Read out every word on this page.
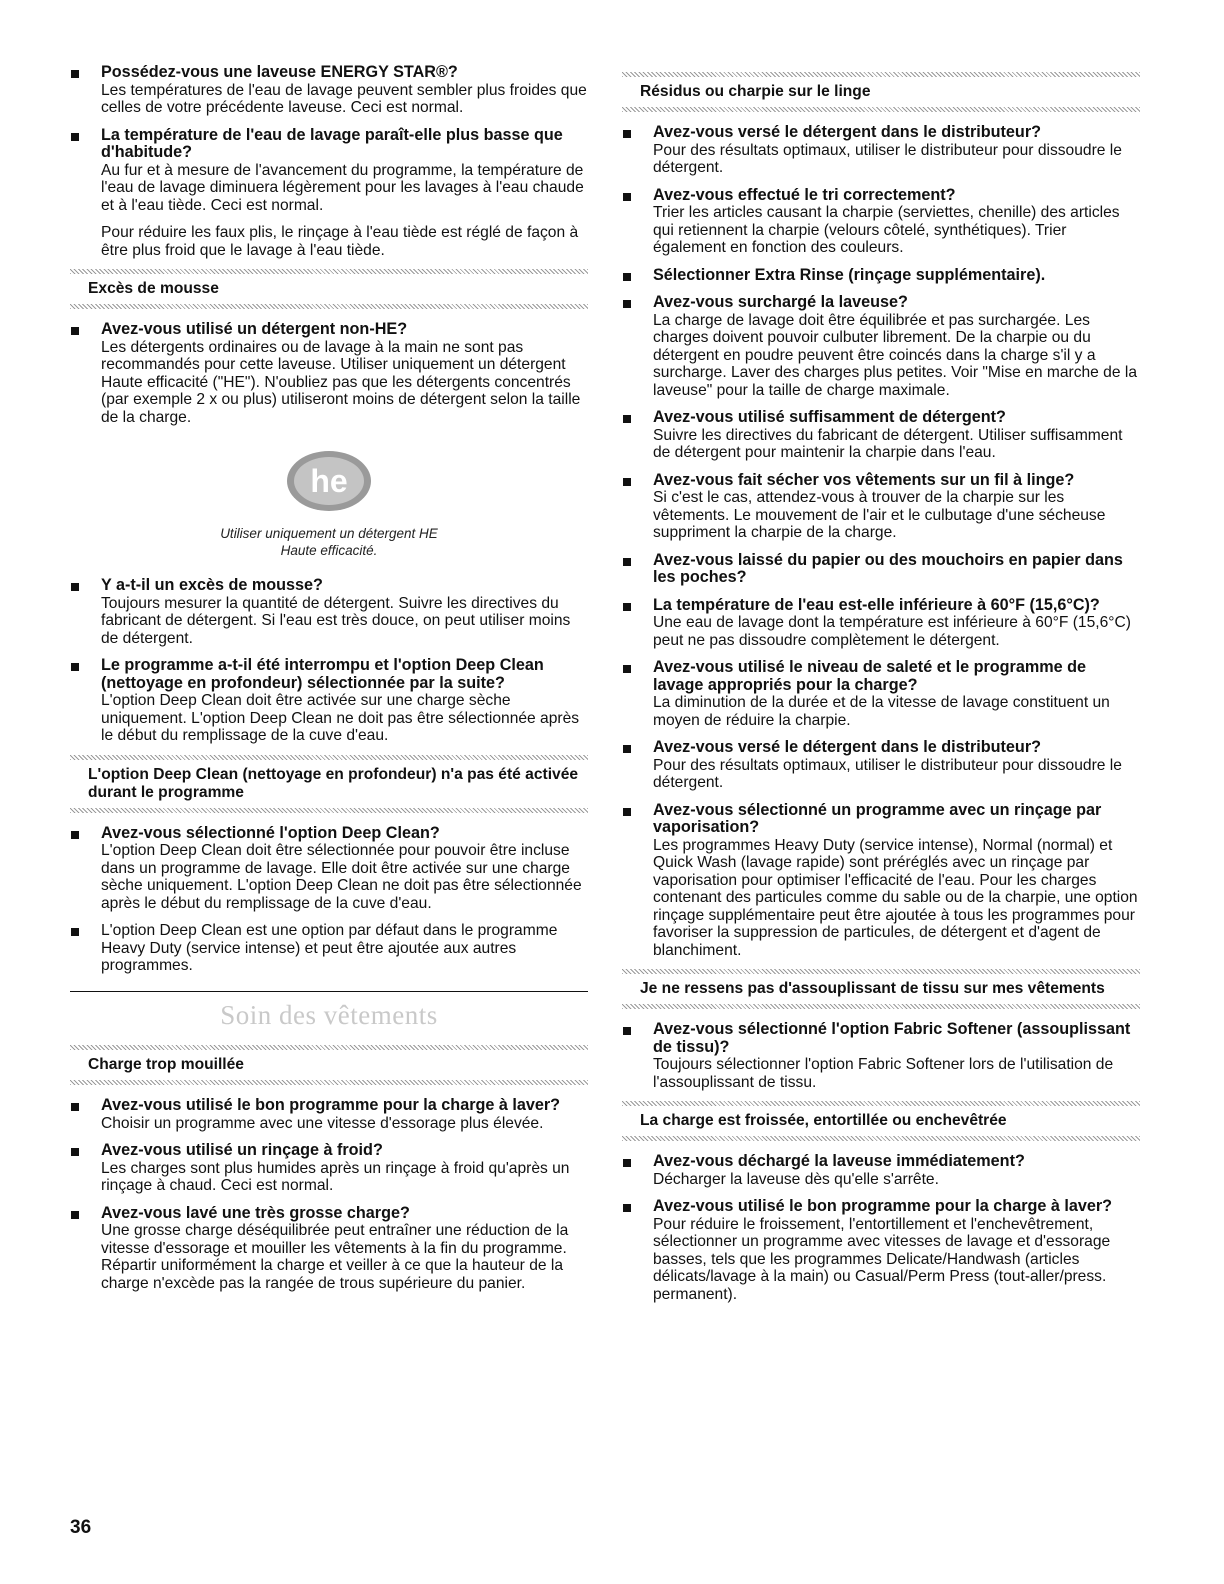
Possédez-vous une laveuse ENERGY STAR®?
Les températures de l'eau de lavage peuvent sembler plus froides que celles de votre précédente laveuse. Ceci est normal.
La température de l'eau de lavage paraît-elle plus basse que d'habitude?
Au fur et à mesure de l'avancement du programme, la température de l'eau de lavage diminuera légèrement pour les lavages à l'eau chaude et à l'eau tiède. Ceci est normal.
Pour réduire les faux plis, le rinçage à l'eau tiède est réglé de façon à être plus froid que le lavage à l'eau tiède.
Excès de mousse
Avez-vous utilisé un détergent non-HE?
Les détergents ordinaires ou de lavage à la main ne sont pas recommandés pour cette laveuse. Utiliser uniquement un détergent Haute efficacité ("HE"). N'oubliez pas que les détergents concentrés (par exemple 2 x ou plus) utiliseront moins de détergent selon la taille de la charge.
he
Utiliser uniquement un détergent HE
Haute efficacité.
Y a-t-il un excès de mousse?
Toujours mesurer la quantité de détergent. Suivre les directives du fabricant de détergent. Si l'eau est très douce, on peut utiliser moins de détergent.
Le programme a-t-il été interrompu et l'option Deep Clean (nettoyage en profondeur) sélectionnée par la suite?
L'option Deep Clean doit être activée sur une charge sèche uniquement. L'option Deep Clean ne doit pas être sélectionnée après le début du remplissage de la cuve d'eau.
L'option Deep Clean (nettoyage en profondeur) n'a pas été activée durant le programme
Avez-vous sélectionné l'option Deep Clean?
L'option Deep Clean doit être sélectionnée pour pouvoir être incluse dans un programme de lavage. Elle doit être activée sur une charge sèche uniquement. L'option Deep Clean ne doit pas être sélectionnée après le début du remplissage de la cuve d'eau.
L'option Deep Clean est une option par défaut dans le programme Heavy Duty (service intense) et peut être ajoutée aux autres programmes.
Soin des vêtements
Charge trop mouillée
Avez-vous utilisé le bon programme pour la charge à laver?
Choisir un programme avec une vitesse d'essorage plus élevée.
Avez-vous utilisé un rinçage à froid?
Les charges sont plus humides après un rinçage à froid qu'après un rinçage à chaud. Ceci est normal.
Avez-vous lavé une très grosse charge?
Une grosse charge déséquilibrée peut entraîner une réduction de la vitesse d'essorage et mouiller les vêtements à la fin du programme. Répartir uniformément la charge et veiller à ce que la hauteur de la charge n'excède pas la rangée de trous supérieure du panier.
Résidus ou charpie sur le linge
Avez-vous versé le détergent dans le distributeur?
Pour des résultats optimaux, utiliser le distributeur pour dissoudre le détergent.
Avez-vous effectué le tri correctement?
Trier les articles causant la charpie (serviettes, chenille) des articles qui retiennent la charpie (velours côtelé, synthétiques). Trier également en fonction des couleurs.
Sélectionner Extra Rinse (rinçage supplémentaire).
Avez-vous surchargé la laveuse?
La charge de lavage doit être équilibrée et pas surchargée. Les charges doivent pouvoir culbuter librement. De la charpie ou du détergent en poudre peuvent être coincés dans la charge s'il y a surcharge. Laver des charges plus petites. Voir "Mise en marche de la laveuse" pour la taille de charge maximale.
Avez-vous utilisé suffisamment de détergent?
Suivre les directives du fabricant de détergent. Utiliser suffisamment de détergent pour maintenir la charpie dans l'eau.
Avez-vous fait sécher vos vêtements sur un fil à linge?
Si c'est le cas, attendez-vous à trouver de la charpie sur les vêtements. Le mouvement de l'air et le culbutage d'une sécheuse suppriment la charpie de la charge.
Avez-vous laissé du papier ou des mouchoirs en papier dans les poches?
La température de l'eau est-elle inférieure à 60°F (15,6°C)?
Une eau de lavage dont la température est inférieure à 60°F (15,6°C) peut ne pas dissoudre complètement le détergent.
Avez-vous utilisé le niveau de saleté et le programme de lavage appropriés pour la charge?
La diminution de la durée et de la vitesse de lavage constituent un moyen de réduire la charpie.
Avez-vous versé le détergent dans le distributeur?
Pour des résultats optimaux, utiliser le distributeur pour dissoudre le détergent.
Avez-vous sélectionné un programme avec un rinçage par vaporisation?
Les programmes Heavy Duty (service intense), Normal (normal) et Quick Wash (lavage rapide) sont préréglés avec un rinçage par vaporisation pour optimiser l'efficacité de l'eau. Pour les charges contenant des particules comme du sable ou de la charpie, une option rinçage supplémentaire peut être ajoutée à tous les programmes pour favoriser la suppression de particules, de détergent et d'agent de blanchiment.
Je ne ressens pas d'assouplissant de tissu sur mes vêtements
Avez-vous sélectionné l'option Fabric Softener (assouplissant de tissu)?
Toujours sélectionner l'option Fabric Softener lors de l'utilisation de l'assouplissant de tissu.
La charge est froissée, entortillée ou enchevêtrée
Avez-vous déchargé la laveuse immédiatement?
Décharger la laveuse dès qu'elle s'arrête.
Avez-vous utilisé le bon programme pour la charge à laver?
Pour réduire le froissement, l'entortillement et l'enchevêtrement, sélectionner un programme avec vitesses de lavage et d'essorage basses, tels que les programmes Delicate/Handwash (articles délicats/lavage à la main) ou Casual/Perm Press (tout-aller/press. permanent).
36
